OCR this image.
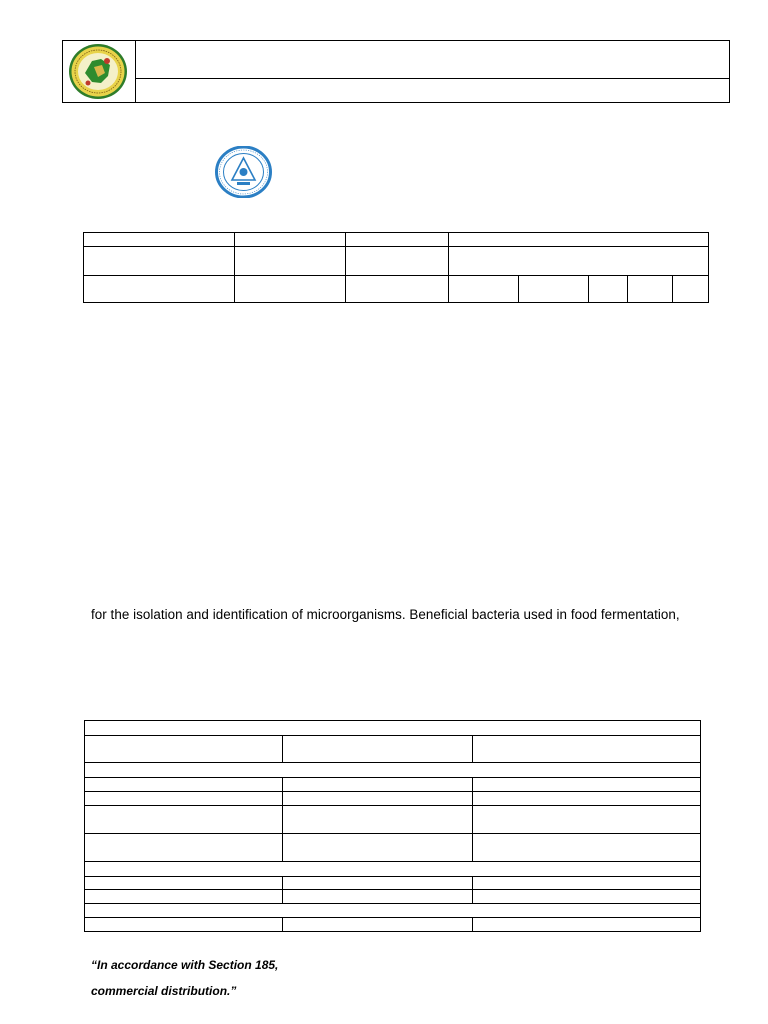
for the isolation and identification of microorganisms. Beneficial bacteria used in food fermentation,

“In accordance with Section 185,
commercial distribution.”
